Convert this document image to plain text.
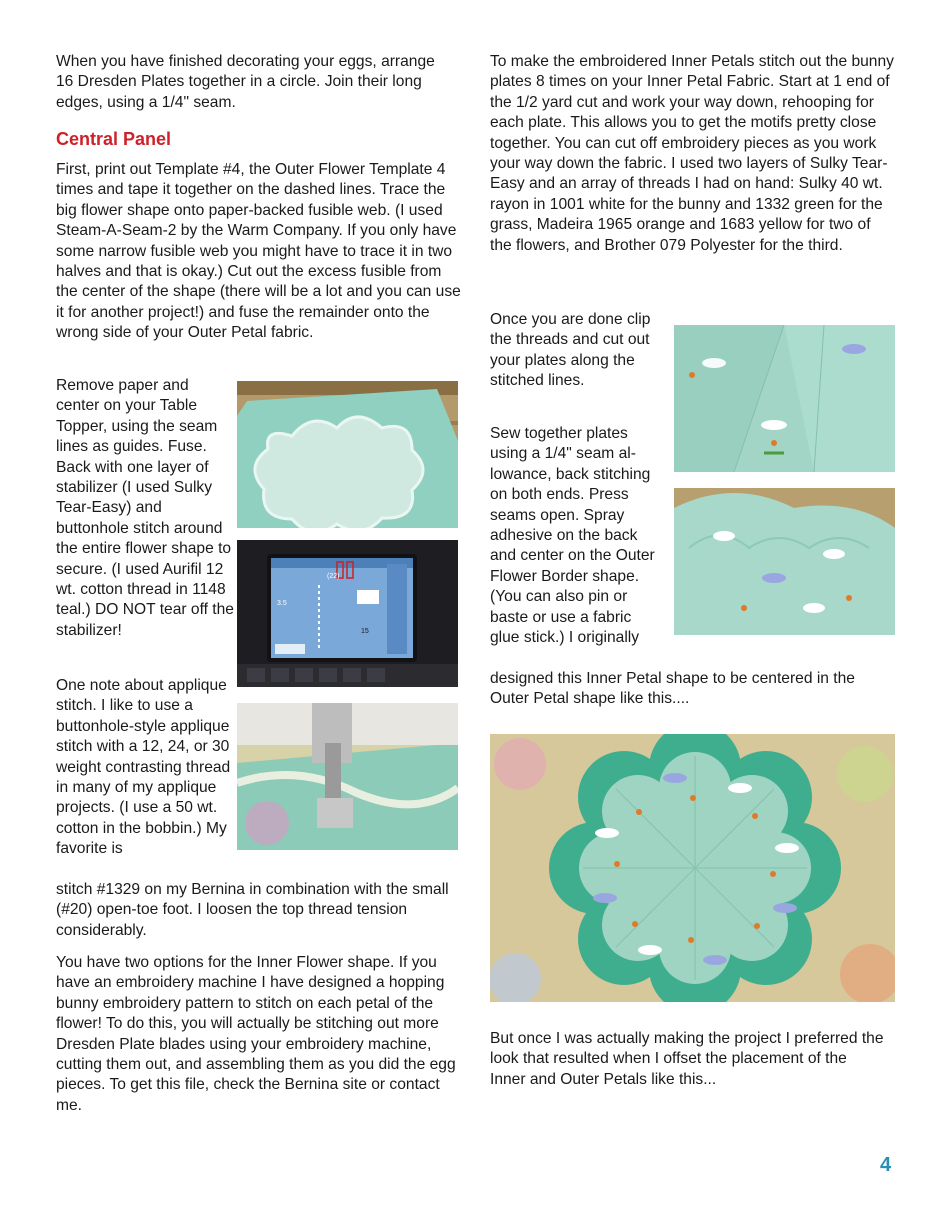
When you have finished decorating your eggs, arrange 16 Dresden Plates together in a circle. Join their long edges, using a 1/4" seam.

Central Panel

First, print out Template #4, the Outer Flower Template 4 times and tape it together on the dashed lines. Trace the big flower shape onto paper-backed fusible web. (I used Steam-A-Seam-2 by the Warm Company. If you only have some narrow fusible web you might have to trace it in two halves and that is okay.) Cut out the excess fusible from the center of the shape (there will be a lot and you can use it for another project!) and fuse the remainder onto the wrong side of your Outer Petal fabric.

Remove paper and center on your Table Topper, using the seam lines as guides. Fuse. Back with one layer of stabilizer (I used Sulky Tear-Easy) and buttonhole stitch around the entire flower shape to secure. (I used Aurifil 12 wt. cotton thread in 1148 teal.) DO NOT tear off the stabilizer!

One note about applique stitch. I like to use a buttonhole-style applique stitch with a 12, 24, or 30 weight contrasting thread in many of my applique projects. (I use a 50 wt. cotton in the bobbin.) My favorite is

stitch #1329 on my Bernina in combination with the small (#20) open-toe foot. I loosen the top thread tension considerably.

You have two options for the Inner Flower shape. If you have an embroidery machine I have designed a hopping bunny embroidery pattern to stitch on each petal of the flower! To do this, you will actually be stitching out more Dresden Plate blades using your embroidery machine, cutting them out, and assembling them as you did the egg pieces. To get this file, check the Bernina site or contact me.

(22)
3.5
15

To make the embroidered Inner Petals stitch out the bunny plates 8 times on your Inner Petal Fabric. Start at 1 end of the 1/2 yard cut and work your way down, rehooping for each plate. This allows you to get the motifs pretty close together. You can cut off embroidery pieces as you work your way down the fabric. I used two layers of Sulky Tear-Easy and an array of threads I had on hand: Sulky 40 wt. rayon in 1001 white for the bunny and 1332 green for the grass, Madeira 1965 orange and 1683 yellow for two of the flowers, and Brother 079 Polyester for the third.

Once you are done clip the threads and cut out your plates along the stitched lines.

Sew together plates using a 1/4" seam allowance, back stitching on both ends. Press seams open. Spray adhesive on the back and center on the Outer Flower Border shape. (You can also pin or baste or use a fabric glue stick.) I originally

designed this Inner Petal shape to be centered in the Outer Petal shape like this....

But once I was actually making the project I preferred the look that resulted when I offset the placement of the Inner and Outer Petals like this...

4
